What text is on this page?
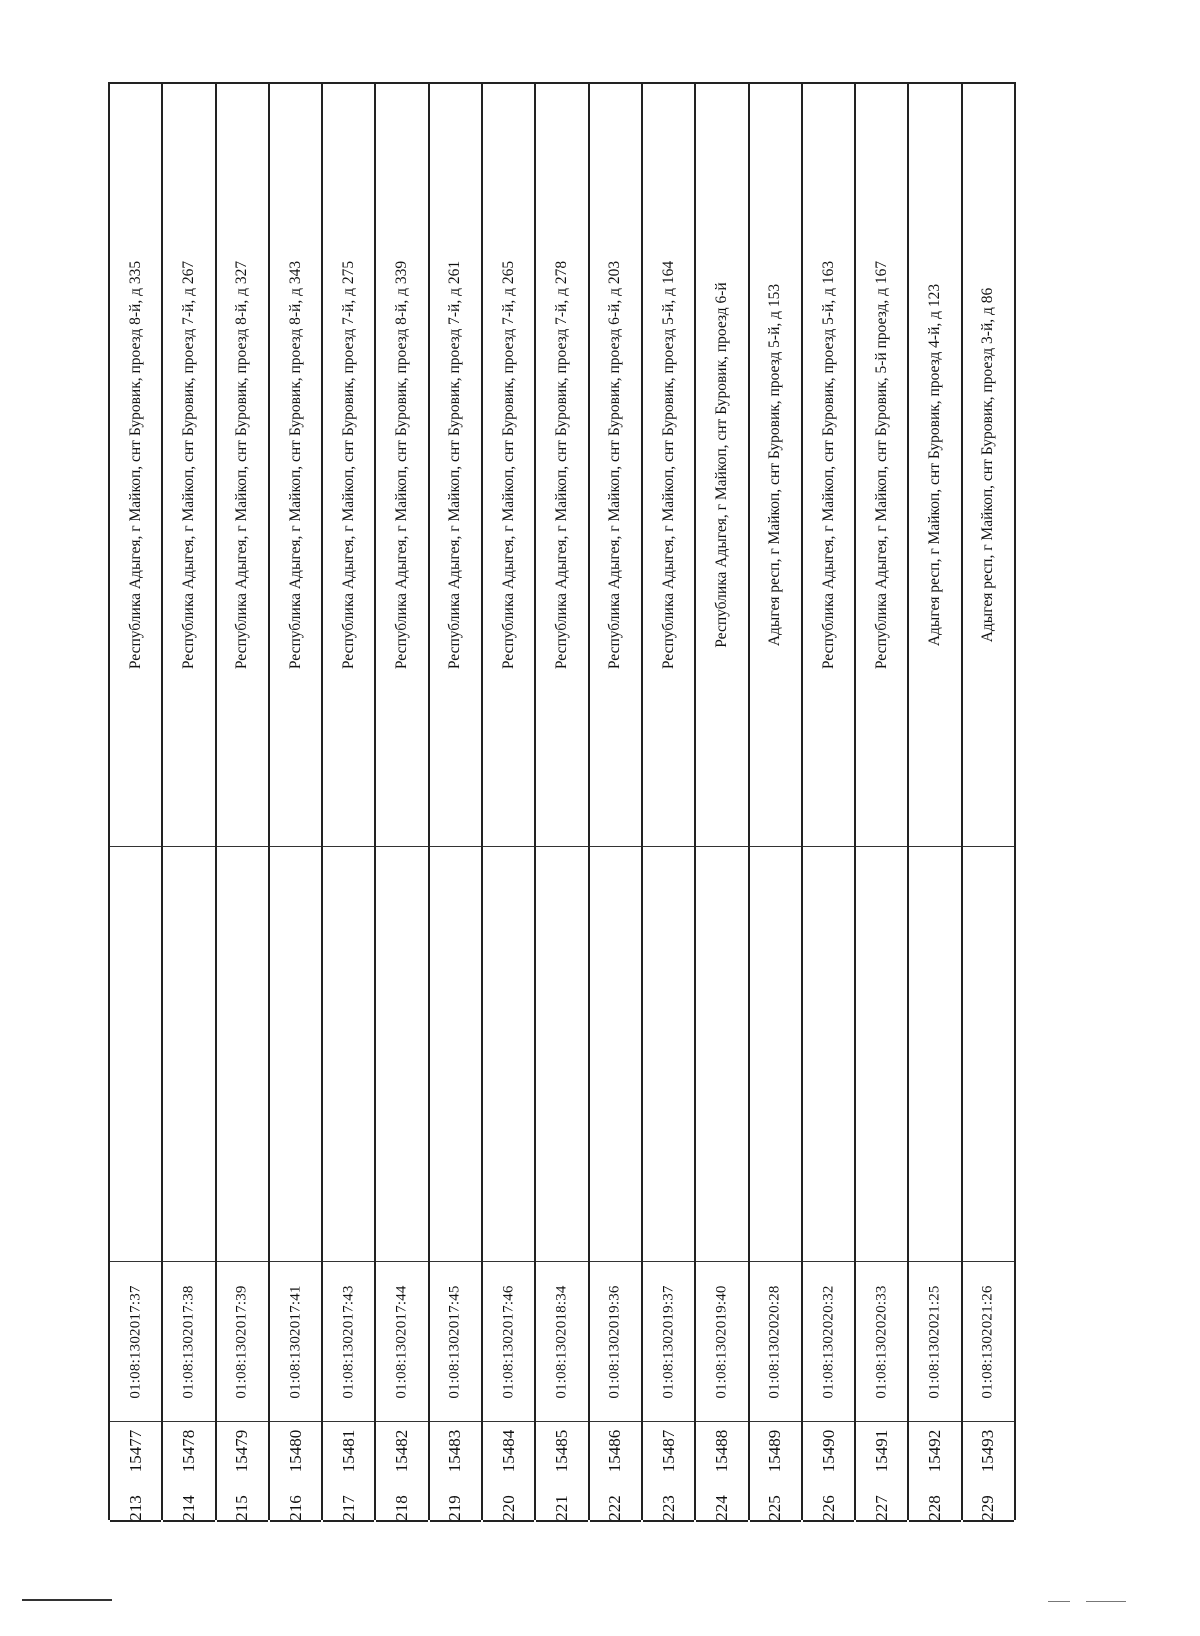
Республика Адыгея, г Майкоп, снт Буровик, проезд 8-й, д 335
01:08:1302017:37
15477
213
Республика Адыгея, г Майкоп, снт Буровик, проезд 7-й, д 267
01:08:1302017:38
15478
214
Республика Адыгея, г Майкоп, снт Буровик, проезд 8-й, д 327
01:08:1302017:39
15479
215
Республика Адыгея, г Майкоп, снт Буровик, проезд 8-й, д 343
01:08:1302017:41
15480
216
Республика Адыгея, г Майкоп, снт Буровик, проезд 7-й, д 275
01:08:1302017:43
15481
217
Республика Адыгея, г Майкоп, снт Буровик, проезд 8-й, д 339
01:08:1302017:44
15482
218
Республика Адыгея, г Майкоп, снт Буровик, проезд 7-й, д 261
01:08:1302017:45
15483
219
Республика Адыгея, г Майкоп, снт Буровик, проезд 7-й, д 265
01:08:1302017:46
15484
220
Республика Адыгея, г Майкоп, снт Буровик, проезд 7-й, д 278
01:08:1302018:34
15485
221
Республика Адыгея, г Майкоп, снт Буровик, проезд 6-й, д 203
01:08:1302019:36
15486
222
Республика Адыгея, г Майкоп, снт Буровик, проезд 5-й, д 164
01:08:1302019:37
15487
223
Республика Адыгея, г Майкоп, снт Буровик, проезд 6-й
01:08:1302019:40
15488
224
Адыгея респ, г Майкоп, снт Буровик, проезд 5-й, д 153
01:08:1302020:28
15489
225
Республика Адыгея, г Майкоп, снт Буровик, проезд 5-й, д 163
01:08:1302020:32
15490
226
Республика Адыгея, г Майкоп, снт Буровик, 5-й проезд, д 167
01:08:1302020:33
15491
227
Адыгея респ, г Майкоп, снт Буровик, проезд 4-й, д 123
01:08:1302021:25
15492
228
Адыгея респ, г Майкоп, снт Буровик, проезд 3-й, д 86
01:08:1302021:26
15493
229
